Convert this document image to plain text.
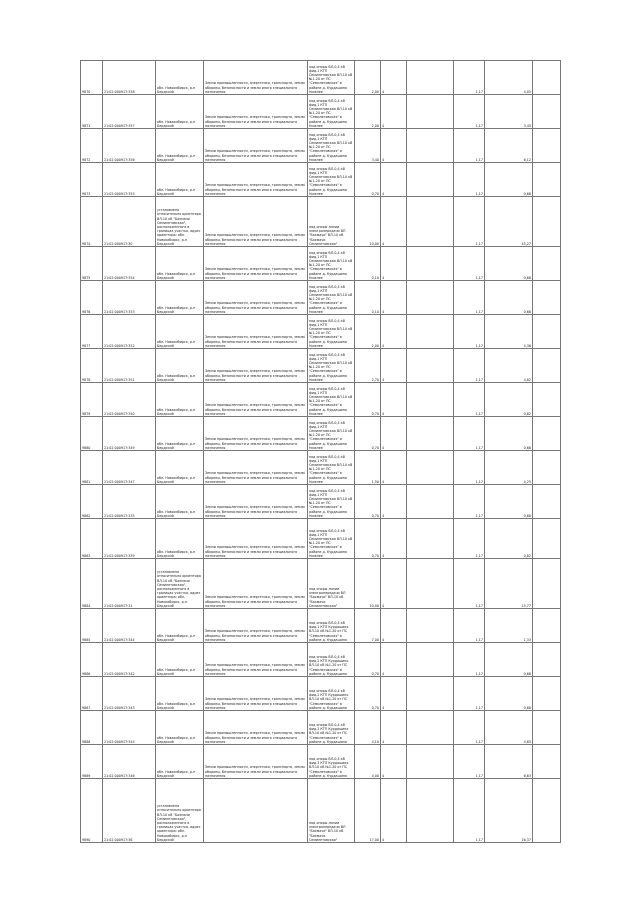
9870	21:02:000917:358	обл. Новосибирск, р-н Бердский	Земли промышленности, энергетики, транспорта, земли обороны, безопасности и земли иного специального назначения	под опоры ВЛ-0,4 кВ фид.1 КТП Семилетовская ВЛ-10 кВ №1-20 от ПС "Семилетовская" в районе д. Курдашино Нижнее	2,00	4		1,17	4,05	
9871	21:02:000917:357	обл. Новосибирск, р-н Бердский	Земли промышленности, энергетики, транспорта, земли обороны, безопасности и земли иного специального назначения	под опоры ВЛ-0,4 кВ фид.1 КТП Семилетовская ВЛ-10 кВ №1-20 от ПС "Семилетовская" в районе д. Курдашино Нижнее	2,00	4		1,17	3,45	
9872	21:02:000917:356	обл. Новосибирск, р-н Бердский	Земли промышленности, энергетики, транспорта, земли обороны, безопасности и земли иного специального назначения	под опоры ВЛ-0,4 кВ фид.1 КТП Семилетовская ВЛ-10 кВ №1-20 от ПС "Семилетовская" в районе д. Курдашино Нижнее	3,40	4		1,17	6,12	
9873	21:02:000917:355	обл. Новосибирск, р-н Бердский	Земли промышленности, энергетики, транспорта, земли обороны, безопасности и земли иного специального назначения	под опоры ВЛ-0,4 кВ фид.1 КТП Семилетовская ВЛ-10 кВ №1-20 от ПС "Семилетовская" в районе д. Курдашино Нижнее	0,70	4		1,17	0,68	
9874	21:02:000917:30	установлено относительно ориентира ВЛ-10 кВ "Бахмачи Семилетовская", расположенного в границах участка, адрес ориентира: обл. Новосибирск, р-н Бердский	Земли промышленности, энергетики, транспорта, земли обороны, безопасности и земли иного специального назначения	под опоры линии электропередачи ВЛ "Бахмачи" ВЛ-10 кВ "Бахмачи Семилетовская"	10,00	4		1,17	45,27	
9875	21:02:000917:354	обл. Новосибирск, р-н Бердский	Земли промышленности, энергетики, транспорта, земли обороны, безопасности и земли иного специального назначения	под опоры ВЛ-0,4 кВ фид.1 КТП Семилетовская ВЛ-10 кВ №1-20 от ПС "Семилетовская" в районе д. Курдашино Нижнее	0,10	4		1,17	0,68	
9876	21:02:000917:353	обл. Новосибирск, р-н Бердский	Земли промышленности, энергетики, транспорта, земли обороны, безопасности и земли иного специального назначения	под опоры ВЛ-0,4 кВ фид.1 КТП Семилетовская ВЛ-10 кВ №1-20 от ПС "Семилетовская" в районе д. Курдашино Нижнее	0,10	4		1,17	0,68	
9877	21:02:000917:352	обл. Новосибирск, р-н Бердский	Земли промышленности, энергетики, транспорта, земли обороны, безопасности и земли иного специального назначения	под опоры ВЛ-0,4 кВ фид.1 КТП Семилетовская ВЛ-10 кВ №1-20 от ПС "Семилетовская" в районе д. Курдашино Нижнее	2,00	4		1,17	4,36	
9878	21:02:000917:351	обл. Новосибирск, р-н Бердский	Земли промышленности, энергетики, транспорта, земли обороны, безопасности и земли иного специального назначения	под опоры ВЛ-0,4 кВ фид.1 КТП Семилетовская ВЛ-10 кВ №1-20 от ПС "Семилетовская" в районе д. Курдашино Нижнее	2,70	4		1,17	4,82	
9879	21:02:000917:350	обл. Новосибирск, р-н Бердский	Земли промышленности, энергетики, транспорта, земли обороны, безопасности и земли иного специального назначения	под опоры ВЛ-0,4 кВ фид.1 КТП Семилетовская ВЛ-10 кВ №1-20 от ПС "Семилетовская" в районе д. Курдашино Нижнее	0,70	4		1,17	0,82	
9880	21:02:000917:349	обл. Новосибирск, р-н Бердский	Земли промышленности, энергетики, транспорта, земли обороны, безопасности и земли иного специального назначения	под опоры ВЛ-0,4 кВ фид.1 КТП Семилетовская ВЛ-10 кВ №1-20 от ПС "Семилетовская" в районе д. Курдашино Нижнее	0,70	4		1,17	0,68	
9881	21:02:000917:347	обл. Новосибирск, р-н Бердский	Земли промышленности, энергетики, транспорта, земли обороны, безопасности и земли иного специального назначения	под опоры ВЛ-0,4 кВ фид.1 КТП Семилетовская ВЛ-10 кВ №1-20 от ПС "Семилетовская" в районе д. Курдашино Нижнее	1,50	4		1,17	4,25	
9882	21:02:000917:335	обл. Новосибирск, р-н Бердский	Земли промышленности, энергетики, транспорта, земли обороны, безопасности и земли иного специального назначения	под опоры ВЛ-0,4 кВ фид.1 КТП Семилетовская ВЛ-10 кВ №1-20 от ПС "Семилетовская" в районе д. Курдашино Нижнее	0,70	4		1,17	0,68	
9883	21:02:000917:339	обл. Новосибирск, р-н Бердский	Земли промышленности, энергетики, транспорта, земли обороны, безопасности и земли иного специального назначения	под опоры ВЛ-0,4 кВ фид.1 КТП Семилетовская ВЛ-10 кВ №1-20 от ПС "Семилетовская" в районе д. Курдашино Нижнее	0,70	4		1,17	0,82	
9884	21:02:000917:31	установлено относительно ориентира ВЛ-10 кВ "Бахмачи Семилетовская", расположенного в границах участка, адрес ориентира: обл. Новосибирск, р-н Бердский	Земли промышленности, энергетики, транспорта, земли обороны, безопасности и земли иного специального назначения	под опоры линии электропередачи ВЛ "Бахмачи" ВЛ-10 кВ "Бахмачи Семилетовская"	10,00	4		1,17	15,77	
9885	21:02:000917:344	обл. Новосибирск, р-н Бердский	Земли промышленности, энергетики, транспорта, земли обороны, безопасности и земли иного специального назначения	под опоры ВЛ-0,4 кВ фид.1 КТП Курдашино ВЛ-10 кВ №1-20 от ПС "Семилетовская" в районе д. Курдашино	7,00	4		1,17	1,33	
9886	21:02:000917:342	обл. Новосибирск, р-н Бердский	Земли промышленности, энергетики, транспорта, земли обороны, безопасности и земли иного специального назначения	под опоры ВЛ-0,4 кВ фид.2 КТП Курдашино ВЛ-10 кВ №1-20 от ПС "Семилетовская" в районе д. Курдашино	0,70	4		1,17	0,68	
9887	21:02:000917:343	обл. Новосибирск, р-н Бердский	Земли промышленности, энергетики, транспорта, земли обороны, безопасности и земли иного специального назначения	под опоры ВЛ-0,4 кВ фид.2 КТП Курдашино ВЛ-10 кВ №1-20 от ПС "Семилетовская" в районе д. Курдашино	0,70	4		1,17	0,68	
9888	21:02:000917:345	обл. Новосибирск, р-н Бердский	Земли промышленности, энергетики, транспорта, земли обороны, безопасности и земли иного специального назначения	под опоры ВЛ-0,4 кВ фид.2 КТП Курдашино ВЛ-10 кВ №1-20 от ПС "Семилетовская" в районе д. Курдашино	4,10	4		1,17	4,65	
9889	21:02:000917:346	обл. Новосибирск, р-н Бердский	Земли промышленности, энергетики, транспорта, земли обороны, безопасности и земли иного специального назначения	под опоры ВЛ-0,4 кВ фид.3 КТП Курдашино ВЛ-10 кВ №1-20 от ПС "Семилетовская" в районе д. Курдашино	4,00	4		1,17	6,63	
9890	21:02:000917:36	установлено относительно ориентира ВЛ-10 кВ "Бахмачи Семилетовская", расположенного в границах участка, адрес ориентира: обл. Новосибирск, р-н Бердский		под опоры линии электропередачи ВЛ "Бахмачи" ВЛ-10 кВ "Бахмачи Семилетовская"	17,00	4		1,17	16,37	
